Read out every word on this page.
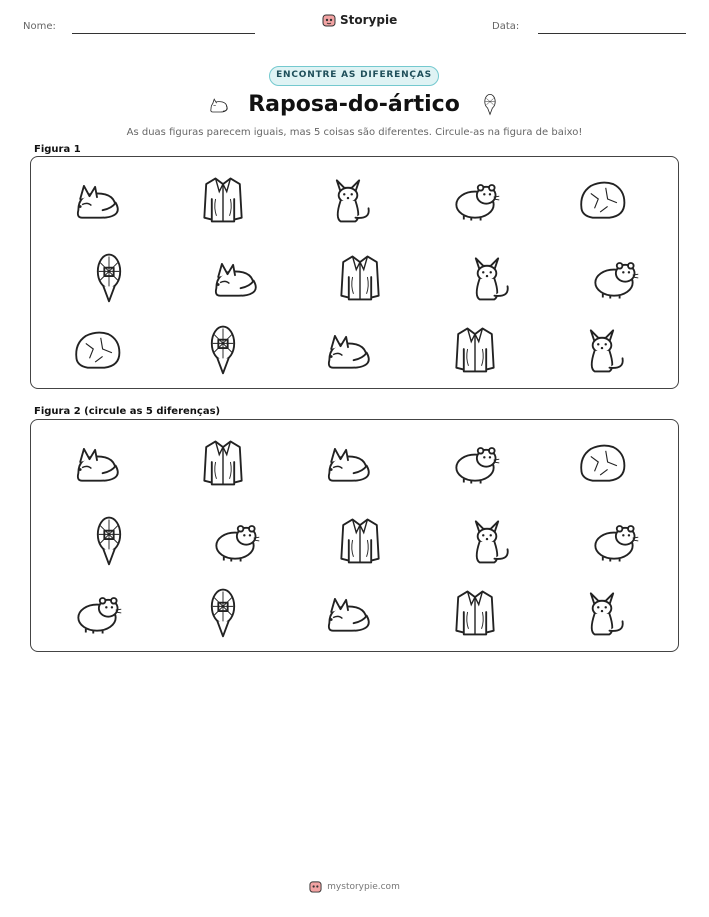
Nome:	Storypie	Data:
ENCONTRE AS DIFERENÇAS
Raposa-do-ártico
As duas figuras parecem iguais, mas 5 coisas são diferentes. Circule-as na figura de baixo!
Figura 1
Figura 2 (circule as 5 diferenças)
mystorypie.com
